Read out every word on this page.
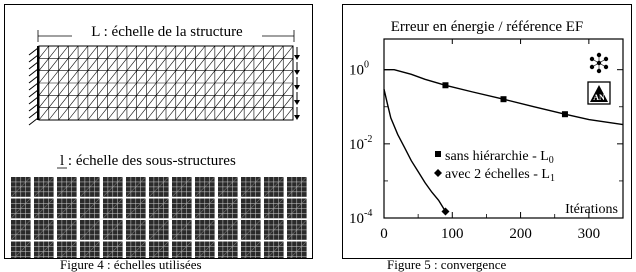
L : échelle de la structure
l : échelle des sous-structures
Figure 4 : échelles utilisées
Erreur en énergie / référence EF
$10^0$
$10^{-2}$
$10^{-4}$
0	100	200	300
AN
sans hiérarchie - $L_0$
avec 2 échelles - $L_1$
Itérations
Figure 5 : convergence
